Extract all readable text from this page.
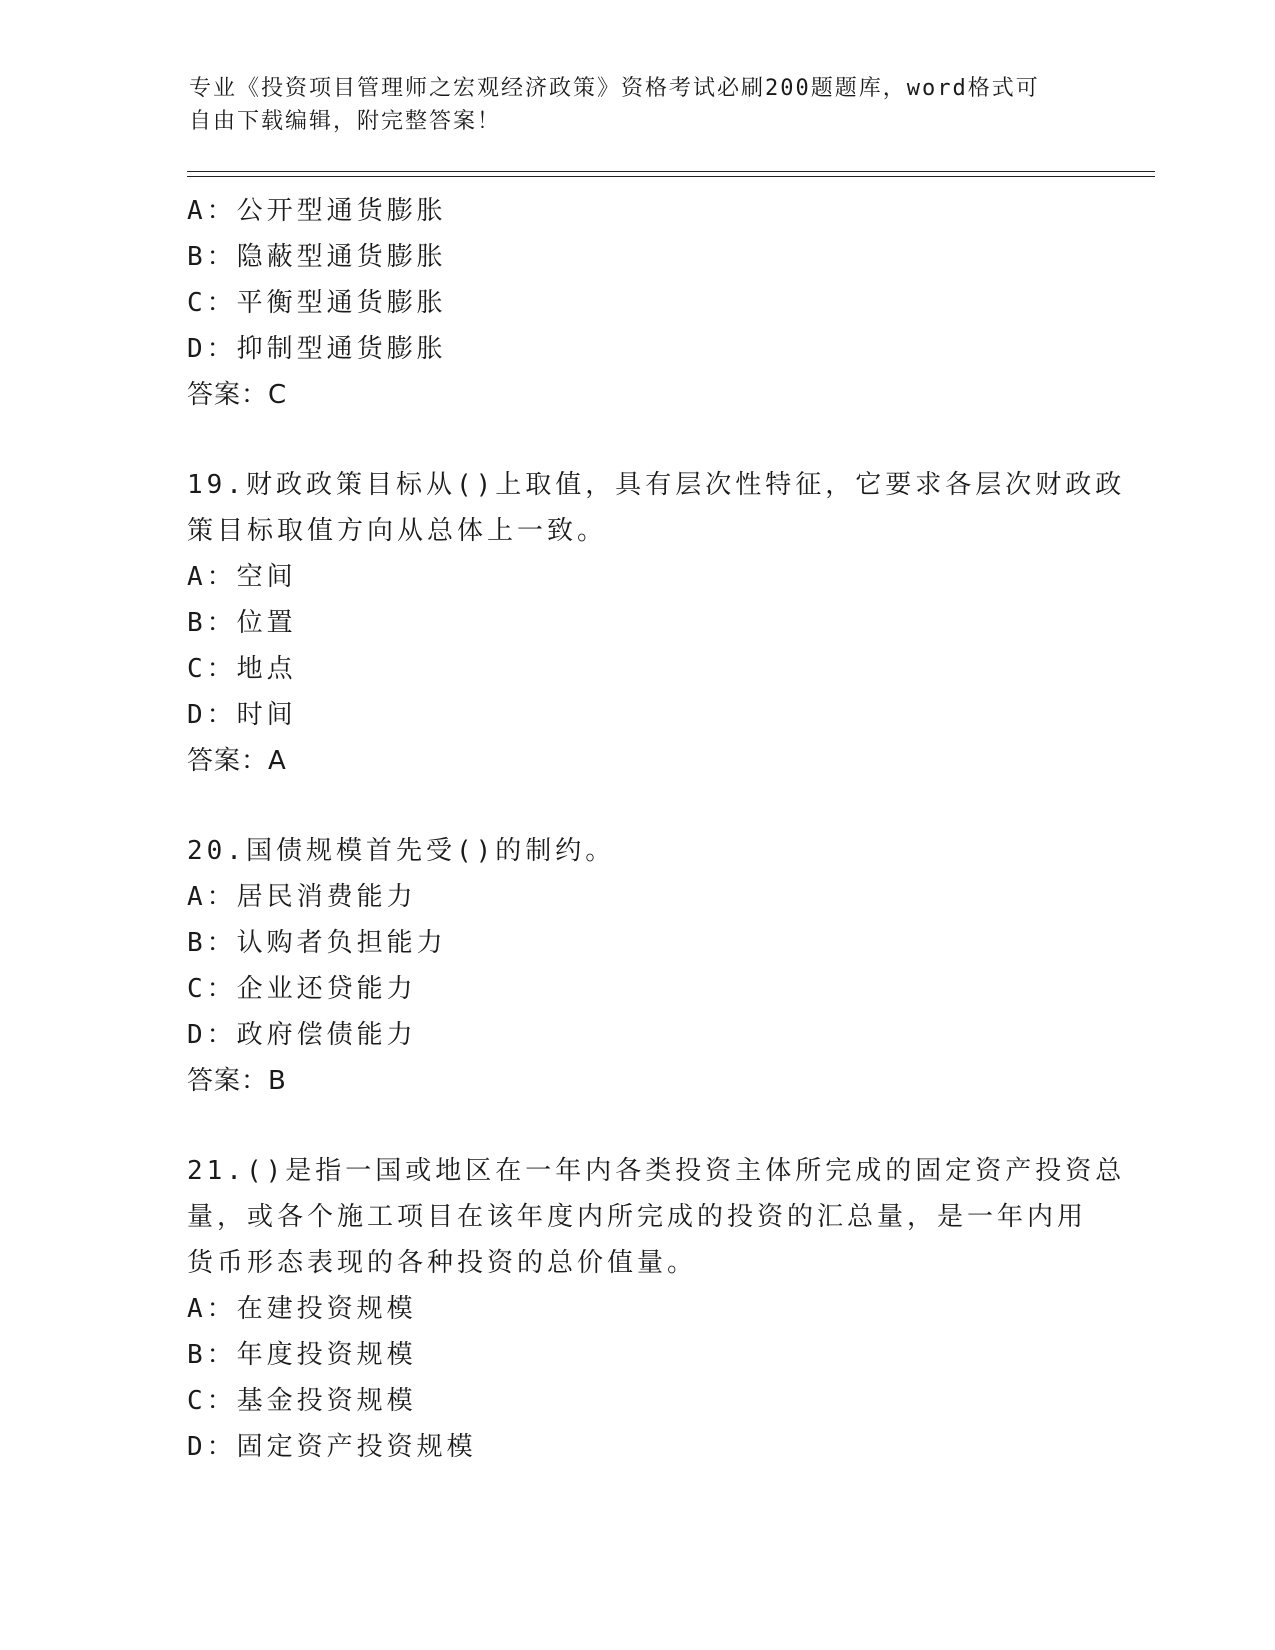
专业《投资项目管理师之宏观经济政策》资格考试必刷200题题库，word格式可
自由下载编辑，附完整答案！
A：公开型通货膨胀
B：隐蔽型通货膨胀
C：平衡型通货膨胀
D：抑制型通货膨胀
答案：C
19.财政政策目标从()上取值，具有层次性特征，它要求各层次财政政
策目标取值方向从总体上一致。
A：空间
B：位置
C：地点
D：时间
答案：A
20.国债规模首先受()的制约。
A：居民消费能力
B：认购者负担能力
C：企业还贷能力
D：政府偿债能力
答案：B
21.()是指一国或地区在一年内各类投资主体所完成的固定资产投资总
量，或各个施工项目在该年度内所完成的投资的汇总量，是一年内用
货币形态表现的各种投资的总价值量。
A：在建投资规模
B：年度投资规模
C：基金投资规模
D：固定资产投资规模
